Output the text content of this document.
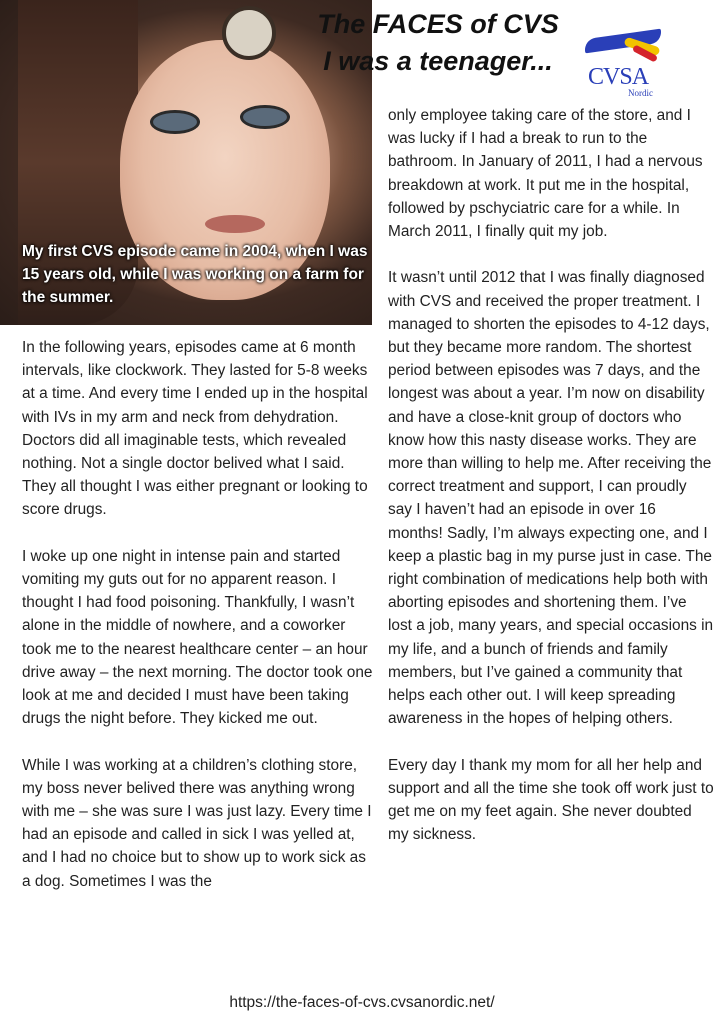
My first CVS episode came in 2004, when I was 15 years old, while I was working on a farm for the summer.
The FACES of CVS
I was a teenager...
CVSA
Nordic

In the following years, episodes came at 6 month intervals, like clockwork. They lasted for 5-8 weeks at a time. And every time I ended up in the hospital with IVs in my arm and neck from dehydration. Doctors did all imaginable tests, which revealed nothing. Not a single doctor belived what I said. They all thought I was either pregnant or looking to score drugs.

I woke up one night in intense pain and started vomiting my guts out for no apparent reason. I thought I had food poisoning. Thankfully, I wasn’t alone in the middle of nowhere, and a coworker took me to the nearest healthcare center – an hour drive away – the next morning. The doctor took one look at me and decided I must have been taking drugs the night before. They kicked me out.

While I was working at a children’s clothing store, my boss never belived there was anything wrong with me – she was sure I was just lazy. Every time I had an episode and called in sick I was yelled at, and I had no choice but to show up to work sick as a dog. Sometimes I was the

only employee taking care of the store, and I was lucky if I had a break to run to the bathroom. In January of 2011, I had a nervous breakdown at work. It put me in the hospital, followed by pschyciatric care for a while. In March 2011, I finally quit my job.

It wasn’t until 2012 that I was finally diagnosed with CVS and received the proper treatment. I managed to shorten the episodes to 4-12 days, but they became more random. The shortest period between episodes was 7 days, and the longest was about a year. I’m now on disability and have a close-knit group of doctors who know how this nasty disease works. They are more than willing to help me. After receiving the correct treatment and support, I can proudly say I haven’t had an episode in over 16 months! Sadly, I’m always expecting one, and I keep a plastic bag in my purse just in case. The right combination of medications help both with aborting episodes and shortening them. I’ve lost a job, many years, and special occasions in my life, and a bunch of friends and family members, but I’ve gained a community that helps each other out. I will keep spreading awareness in the hopes of helping others.

Every day I thank my mom for all her help and support and all the time she took off work just to get me on my feet again. She never doubted my sickness.

https://the-faces-of-cvs.cvsanordic.net/
